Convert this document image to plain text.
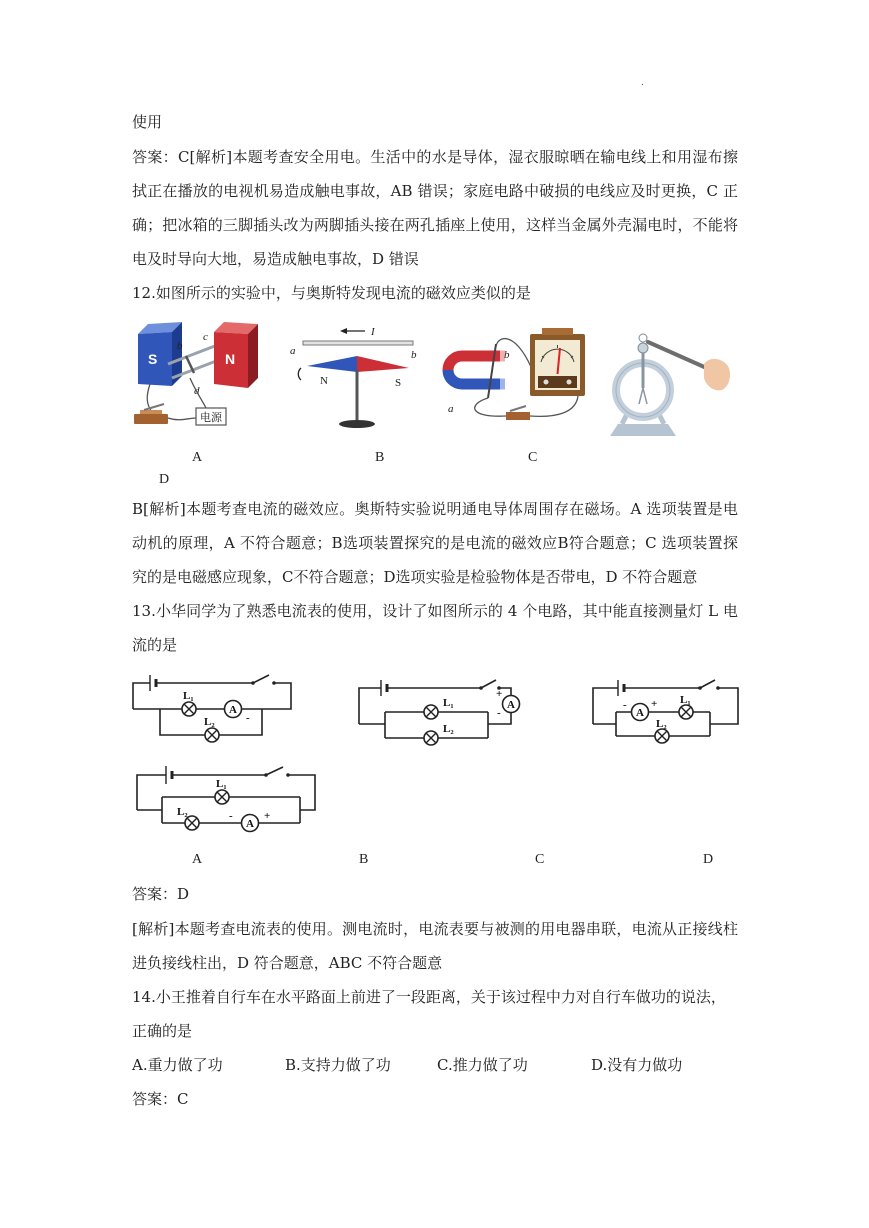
.
使用
答案：C[解析]本题考查安全用电。生活中的水是导体，湿衣服晾晒在输电线上和用湿布擦
拭正在播放的电视机易造成触电事故，AB 错误；家庭电路中破损的电线应及时更换，C 正
确；把冰箱的三脚插头改为两脚插头接在两孔插座上使用，这样当金属外壳漏电时，不能将
电及时导向大地，易造成触电事故，D 错误
12.如图所示的实验中，与奥斯特发现电流的磁效应类似的是
S	N
b
c
d
电源
I
a	b
N	S
b
a
A	B	C
D
B[解析]本题考查电流的磁效应。奥斯特实验说明通电导体周围存在磁场。A 选项装置是电
动机的原理，A 不符合题意；B选项装置探究的是电流的磁效应B符合题意；C 选项装置探
究的是电磁感应现象，C不符合题意；D选项实验是检验物体是否带电，D 不符合题意
13.小华同学为了熟悉电流表的使用，设计了如图所示的 4 个电路，其中能直接测量灯 L 电
流的是
A
L₁
L₂	-
A
+
-
L₁
L₂
A
- + L₁
L₂
A
-	+
L₁
L₂
A	B	C	D
答案：D
[解析]本题考查电流表的使用。测电流时，电流表要与被测的用电器串联，电流从正接线柱
进负接线柱出，D 符合题意，ABC 不符合题意
14.小王推着自行车在水平路面上前进了一段距离，关于该过程中力对自行车做功的说法，
正确的是
A.重力做了功	B.支持力做了功	C.推力做了功	D.没有力做功
答案：C
